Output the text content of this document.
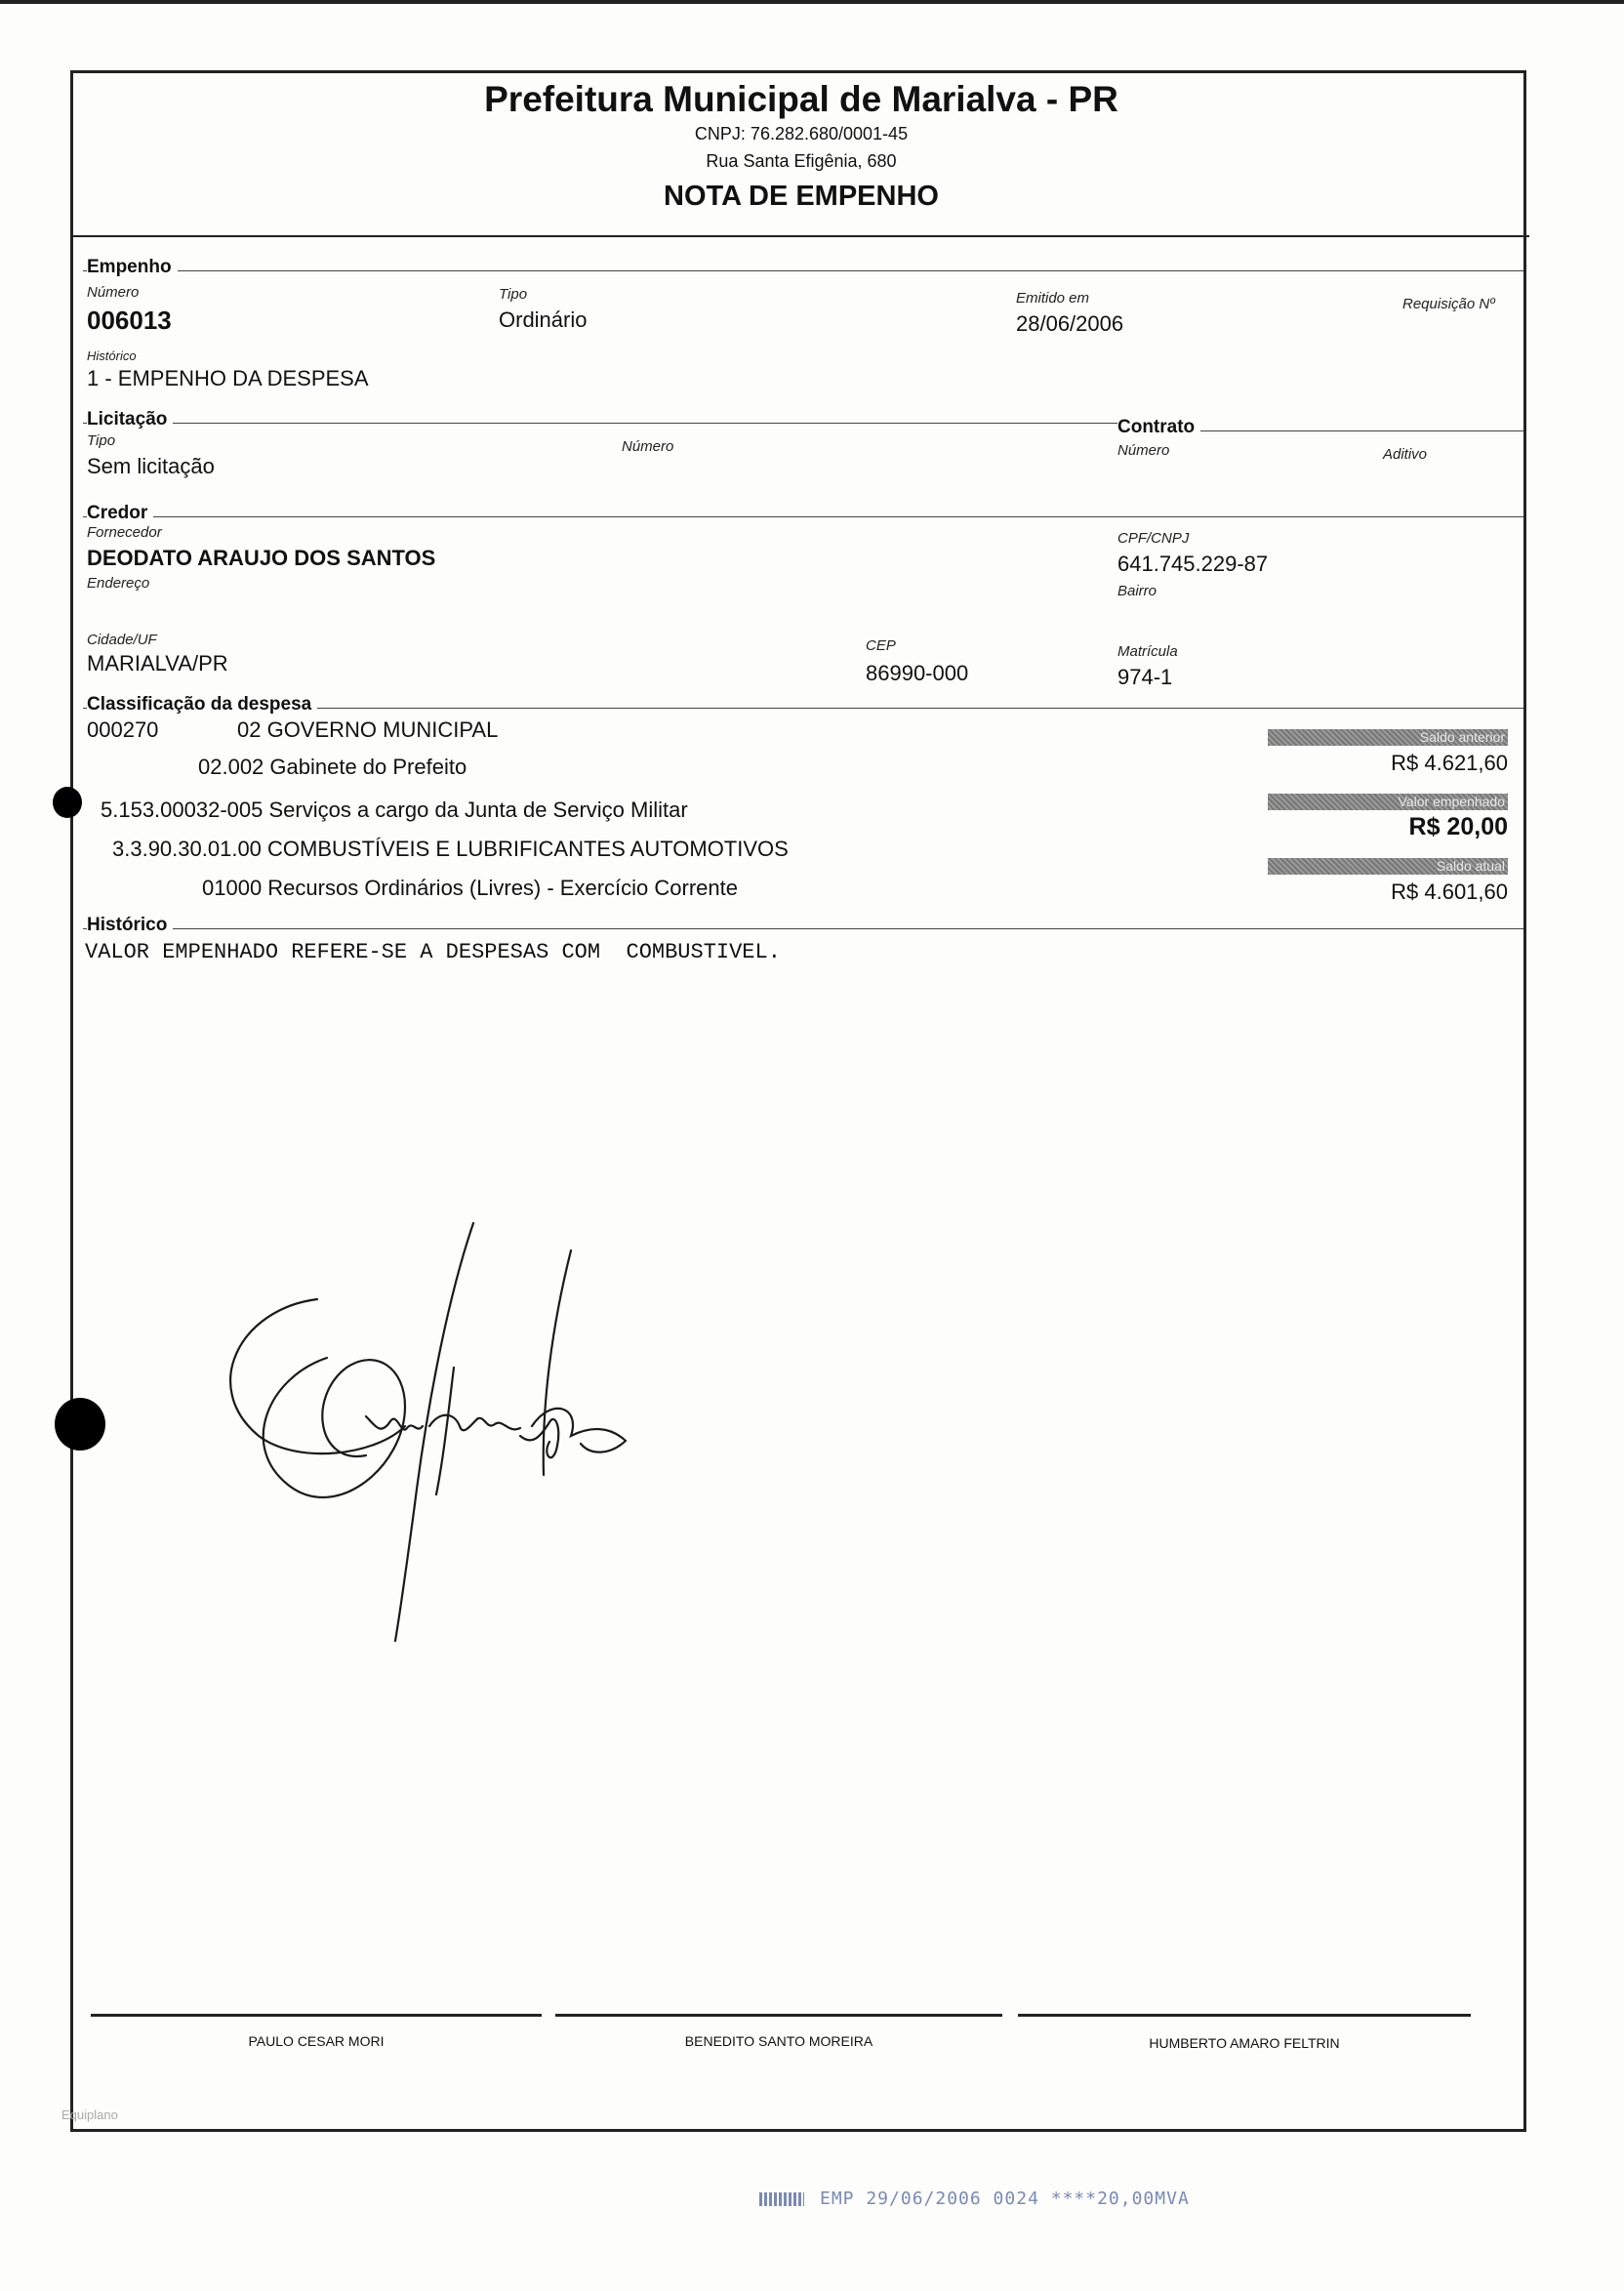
Prefeitura Municipal de Marialva - PR
CNPJ: 76.282.680/0001-45
Rua Santa Efigênia, 680
NOTA DE EMPENHO
Empenho
Número
006013
Tipo
Ordinário
Emitido em
28/06/2006
Requisição Nº
Histórico
1 - EMPENHO DA DESPESA
Licitação
Tipo
Sem licitação
Número
Contrato
Número	Aditivo
Credor
Fornecedor
DEODATO ARAUJO DOS SANTOS
CPF/CNPJ
641.745.229-87
Endereço	Bairro
Cidade/UF
MARIALVA/PR
CEP
86990-000
Matrícula
974-1
Classificação da despesa
000270	02 GOVERNO MUNICIPAL
02.002 Gabinete do Prefeito
5.153.00032-005 Serviços a cargo da Junta de Serviço Militar
3.3.90.30.01.00 COMBUSTÍVEIS E LUBRIFICANTES AUTOMOTIVOS
01000 Recursos Ordinários (Livres) - Exercício Corrente
Saldo anterior
R$ 4.621,60
Valor empenhado
R$ 20,00
Saldo atual
R$ 4.601,60
Histórico
VALOR EMPENHADO REFERE-SE A DESPESAS COM  COMBUSTIVEL.
PAULO CESAR MORI	BENEDITO SANTO MOREIRA	HUMBERTO AMARO FELTRIN
Equiplano
EMP 29/06/2006 0024 ****20,00MVA
